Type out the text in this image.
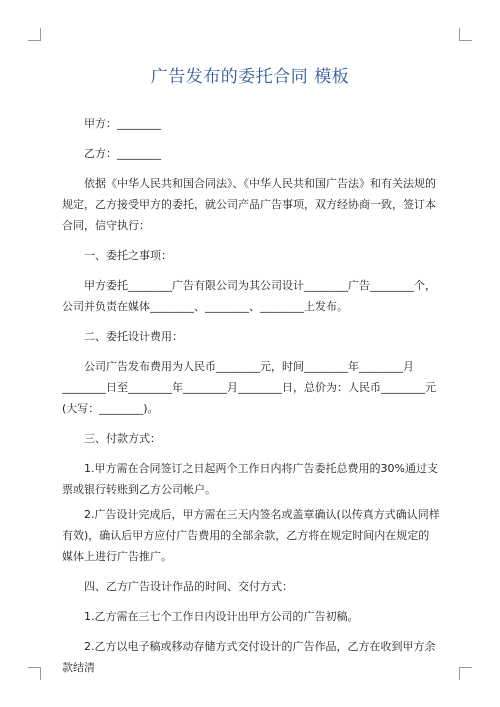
广告发布的委托合同 模板

甲方：________

乙方：________

依据《中华人民共和国合同法》、《中华人民共和国广告法》和有关法规的规定，乙方接受甲方的委托，就公司产品广告事项，双方经协商一致，签订本合同，信守执行：

一、委托之事项：

甲方委托________广告有限公司为其公司设计________广告________个，公司并负责在媒体________、________、________上发布。

二、委托设计费用：

公司广告发布费用为人民币________元，时间________年________月________日至________年________月________日，总价为：人民币________元(大写：________)。

三、付款方式：

1.甲方需在合同签订之日起两个工作日内将广告委托总费用的30%通过支票或银行转账到乙方公司帐户。

2.广告设计完成后，甲方需在三天内签名或盖章确认(以传真方式确认同样有效)，确认后甲方应付广告费用的全部余款，乙方将在规定时间内在规定的媒体上进行广告推广。

四、乙方广告设计作品的时间、交付方式：

1.乙方需在三七个工作日内设计出甲方公司的广告初稿。

2.乙方以电子稿或移动存储方式交付设计的广告作品，乙方在收到甲方余款结清
